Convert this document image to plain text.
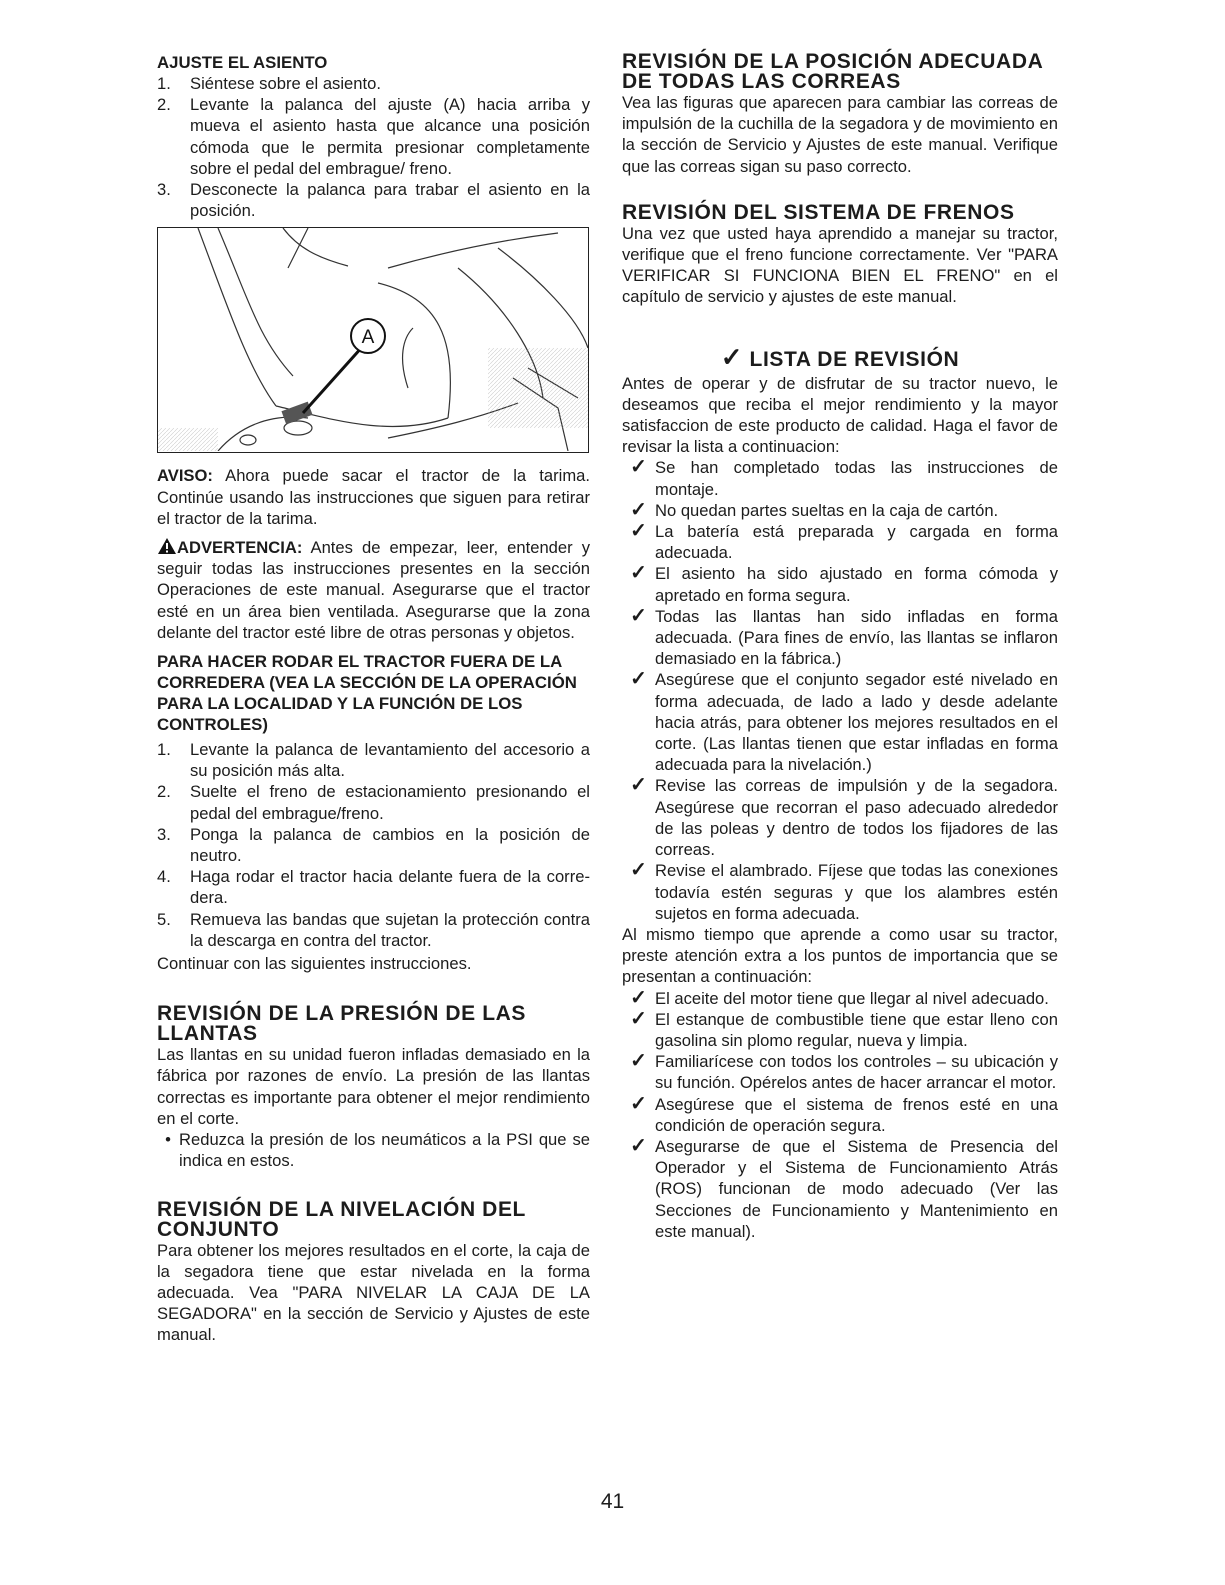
AJUSTE EL ASIENTO
1.	Siéntese sobre el asiento.
2.	Levante la palanca del ajuste (A) hacia arriba y mueva el asiento hasta que alcance una posición cómoda que le permita presionar completamente sobre el pedal del embrague/ freno.
3.	Desconecte la palanca para trabar el asiento en la posición.
A

AVISO: Ahora puede sacar el tractor de la tarima. Continúe usando las instrucciones que siguen para retirar el tractor de la tarima.

ADVERTENCIA: Antes de empezar, leer, entender y seguir todas las instrucciones presentes en la sección Operaciones de este manual. Asegurarse que el tractor esté en un área bien ventilada. Asegurarse que la zona delante del tractor esté libre de otras personas y objetos.

PARA HACER RODAR EL TRACTOR FUERA DE LA CORREDERA (VEA LA SECCIÓN DE LA OPERACIÓN PARA LA LOCALIDAD Y LA FUNCIÓN DE LOS CONTROLES)
1.	Levante la palanca de levantamiento del accesorio a su posición más alta.
2.	Suelte el freno de estacionamiento presionando el pedal del embrague/freno.
3.	Ponga la palanca de cambios en la posición de neutro.
4.	Haga rodar el tractor hacia delante fuera de la corre-dera.
5.	Remueva las bandas que sujetan la protección contra la descarga en contra del tractor.

Continuar con las siguientes instrucciones.

REVISIÓN DE LA PRESIÓN DE LAS LLANTAS

Las llantas en su unidad fueron infladas demasiado en la fábrica por razones de envío. La presión de las llantas correctas es importante para obtener el mejor rendimiento en el corte.

• Reduzca la presión de los neumáticos a la PSI que se indica en estos.
REVISIÓN DE LA NIVELACIÓN DEL CONJUNTO

Para obtener los mejores resultados en el corte, la caja de la segadora tiene que estar nivelada en la forma adecuada. Vea "PARA NIVELAR LA CAJA DE LA SEGADORA" en la sección de Servicio y Ajustes de este manual.

REVISIÓN DE LA POSICIÓN ADECUADA DE TODAS LAS CORREAS

Vea las figuras que aparecen para cambiar las correas de impulsión de la cuchilla de la segadora y de movimiento en la sección de Servicio y Ajustes de este manual. Verifique que las correas sigan su paso correcto.

REVISIÓN DEL SISTEMA DE FRENOS

Una vez que usted haya aprendido a manejar su tractor, verifique que el freno funcione correctamente. Ver "PARA VERIFICAR SI FUNCIONA BIEN EL FRENO" en el capítulo de servicio y ajustes de este manual.

✓ LISTA DE REVISIÓN

Antes de operar y de disfrutar de su tractor nuevo, le deseamos que reciba el mejor rendimiento y la mayor satisfaccion de este producto de calidad. Haga el favor de revisar la lista a continuacion:

✓ Se han completado todas las instrucciones de montaje.
✓ No quedan partes sueltas en la caja de cartón.
✓ La batería está preparada y cargada en forma adecuada.
✓ El asiento ha sido ajustado en forma cómoda y apretado en forma segura.
✓ Todas las llantas han sido infladas en forma adecuada. (Para fines de envío, las llantas se inflaron demasiado en la fábrica.)
✓ Asegúrese que el conjunto segador esté nivelado en forma adecuada, de lado a lado y desde adelante hacia atrás, para obtener los mejores resultados en el corte. (Las llantas tienen que estar infladas en forma adecuada para la nivelación.)
✓ Revise las correas de impulsión y de la segadora. Asegúrese que recorran el paso adecuado alrededor de las poleas y dentro de todos los fijadores de las correas.
✓ Revise el alambrado. Fíjese que todas las conexiones todavía estén seguras y que los alambres estén sujetos en forma adecuada.

Al mismo tiempo que aprende a como usar su tractor, preste atención extra a los puntos de importancia que se presentan a continuación:

✓ El aceite del motor tiene que llegar al nivel adecuado.
✓ El estanque de combustible tiene que estar lleno con gasolina sin plomo regular, nueva y limpia.
✓ Familiarícese con todos los controles – su ubicación y su función. Opérelos antes de hacer arrancar el motor.
✓ Asegúrese que el sistema de frenos esté en una condición de operación segura.
✓ Asegurarse de que el Sistema de Presencia del Operador y el Sistema de Funcionamiento Atrás (ROS) funcionan de modo adecuado (Ver las Secciones de Funcionamiento y Mantenimiento en este manual).
41
